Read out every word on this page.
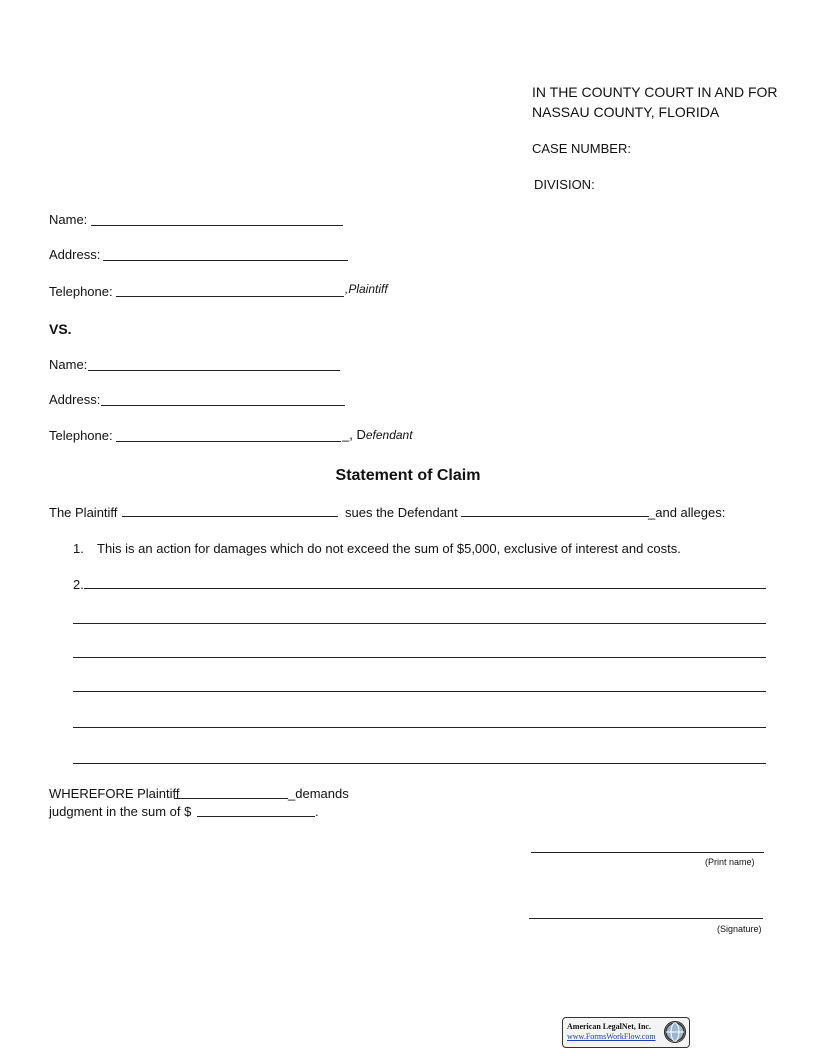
IN THE COUNTY COURT IN AND FOR
NASSAU COUNTY, FLORIDA
CASE NUMBER:
DIVISION:
Name:
Address:
Telephone:	,Plaintiff
VS.
Name:
Address:
Telephone:	_, Defendant
Statement of Claim
The Plaintiff	sues the Defendant	_and alleges:
1. This is an action for damages which do not exceed the sum of $5,000, exclusive of interest and costs.
2.
WHEREFORE Plaintiff	_demands
judgment in the sum of $	.
(Print name)
(Signature)
American LegalNet, Inc.
www.FormsWorkFlow.com
